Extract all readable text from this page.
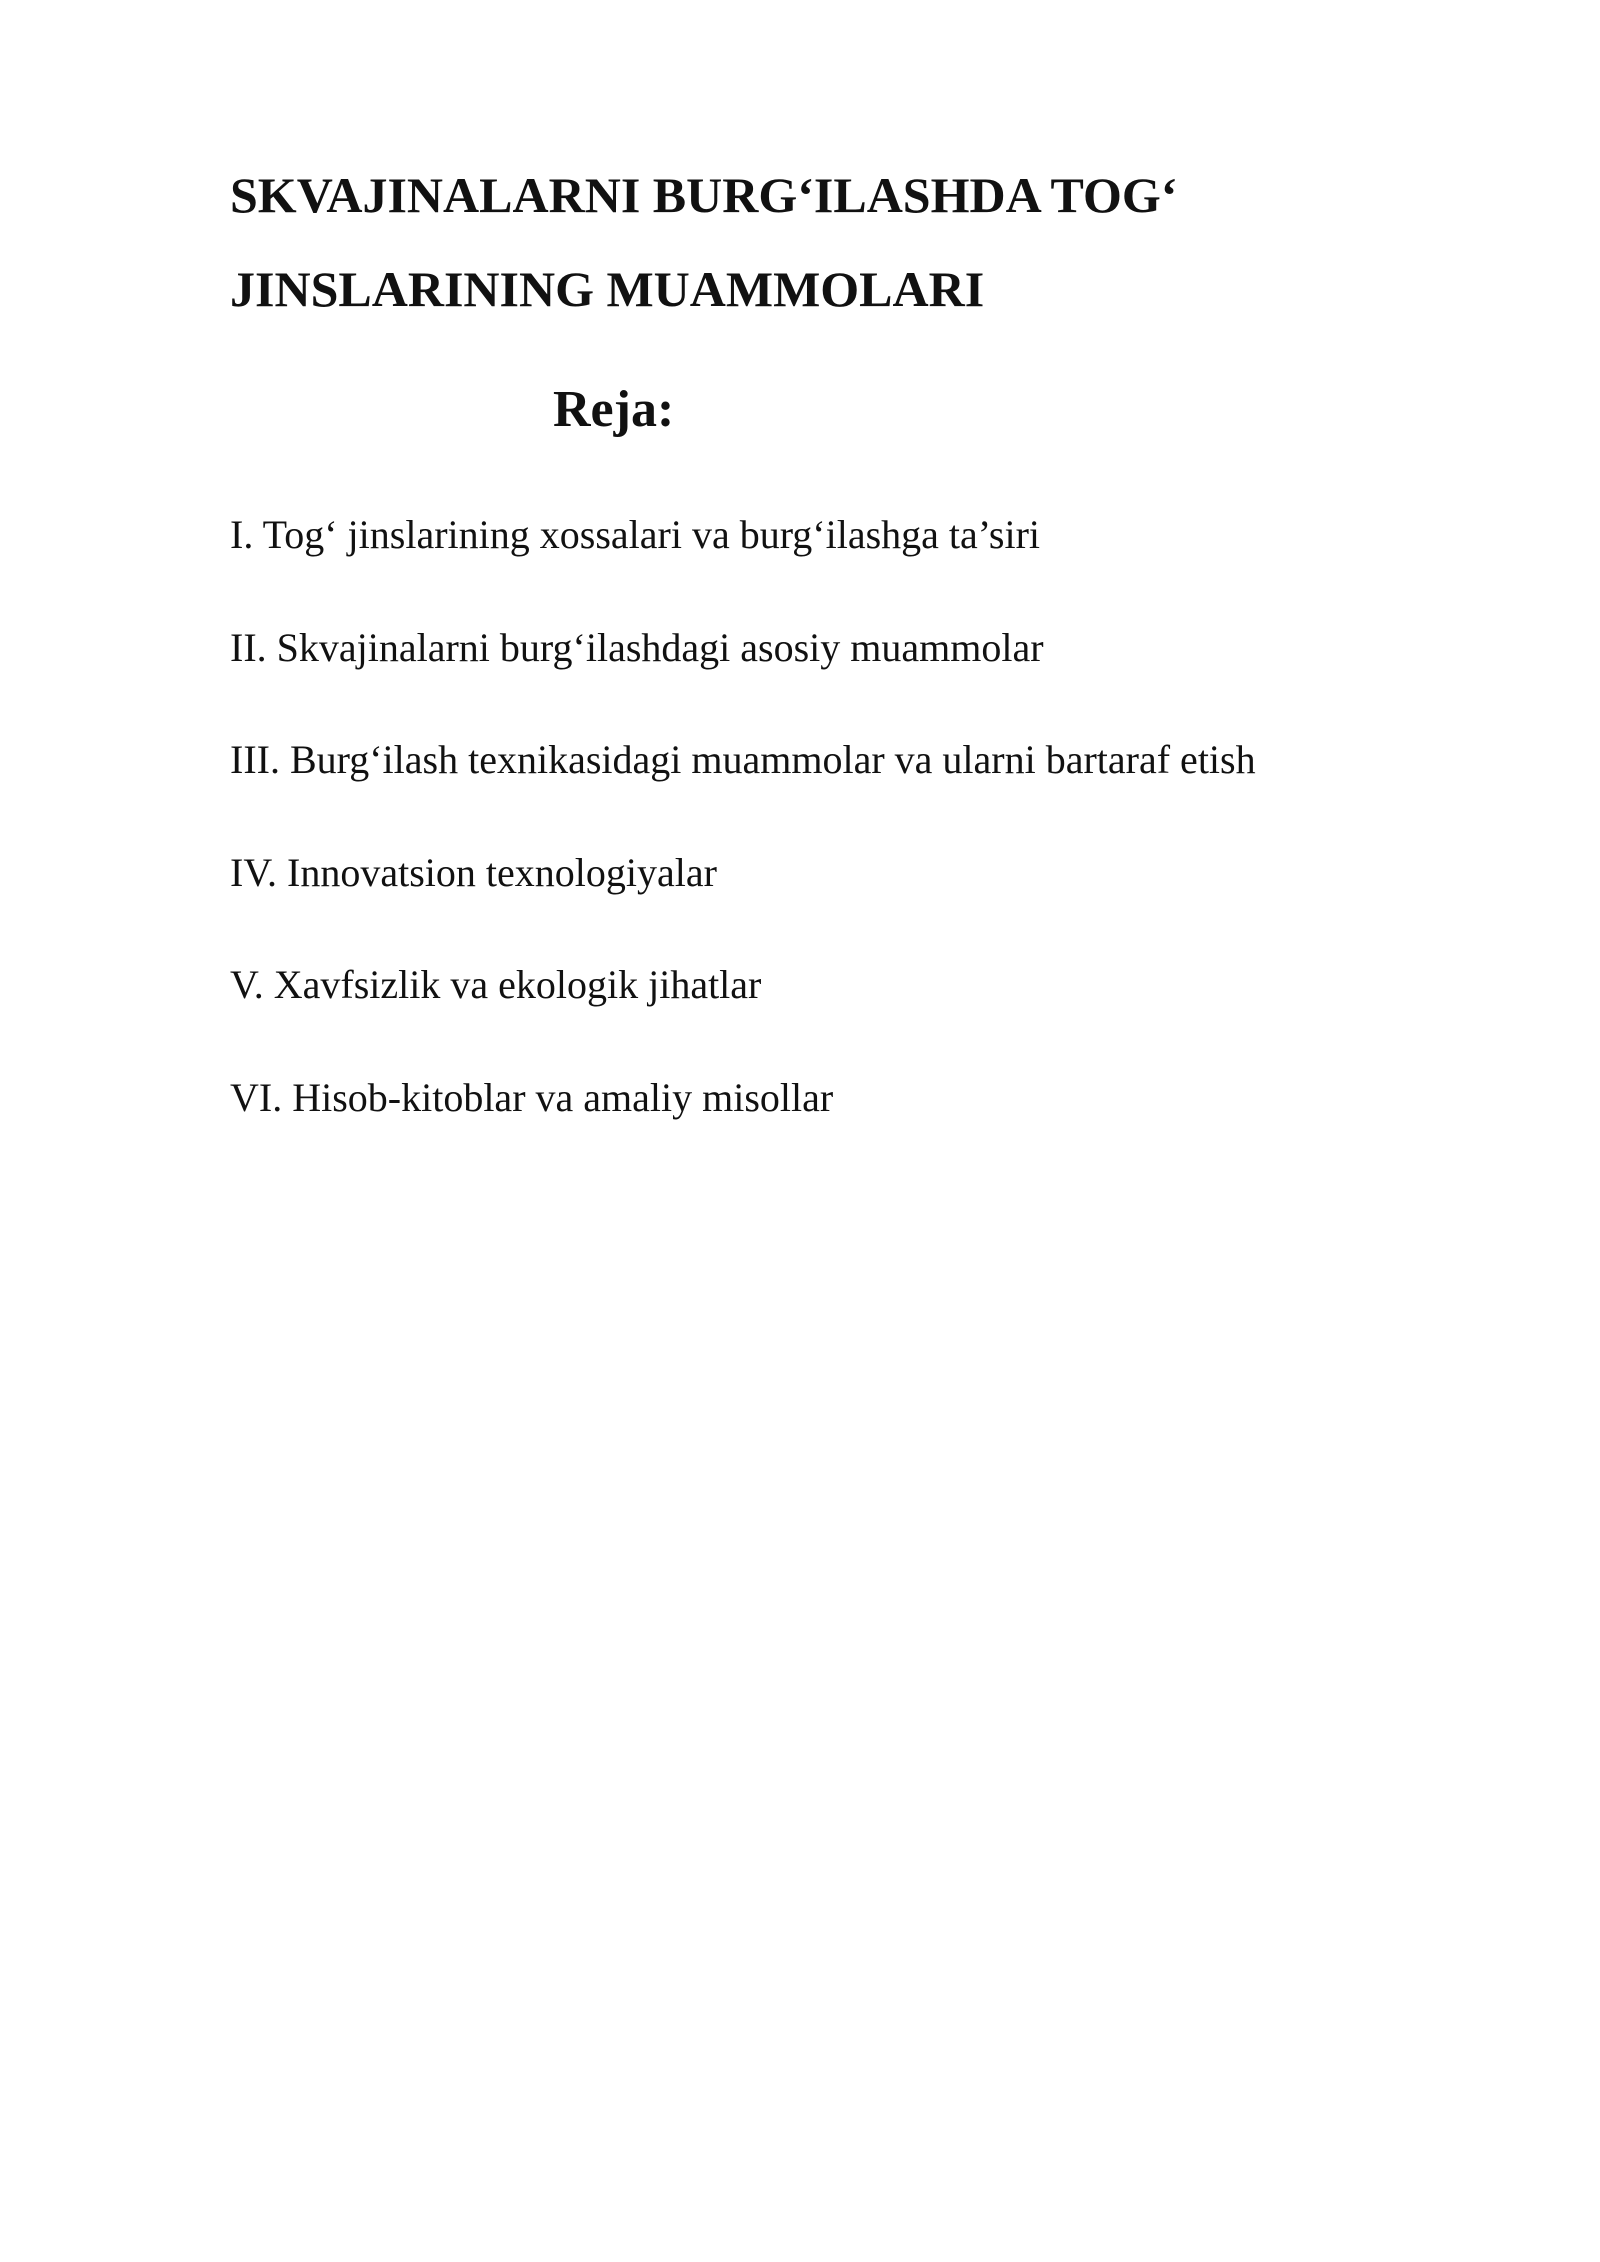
SKVAJINALARNI BURG‘ILASHDA TOG‘
JINSLARINING MUAMMOLARI
Reja:
I. Tog‘ jinslarining xossalari va burg‘ilashga ta’siri
II. Skvajinalarni burg‘ilashdagi asosiy muammolar
III. Burg‘ilash texnikasidagi muammolar va ularni bartaraf etish
IV. Innovatsion texnologiyalar
V. Xavfsizlik va ekologik jihatlar
VI. Hisob-kitoblar va amaliy misollar
